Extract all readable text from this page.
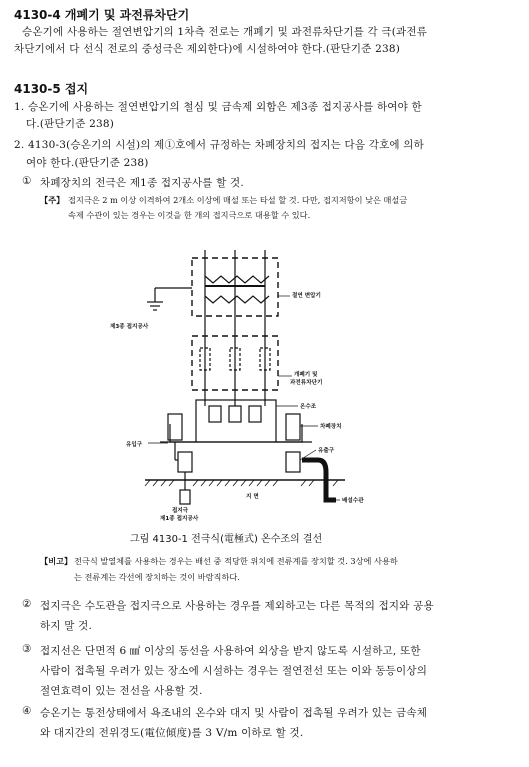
4130-4 개폐기 및 과전류차단기
승온기에 사용하는 절연변압기의 1차측 전로는 개폐기 및 과전류차단기를 각 극(과전류
차단기에서 다 선식 전로의 중성극은 제외한다)에 시설하여야 한다.(판단기준 238)
4130-5 접지
1. 승온기에 사용하는 절연변압기의 철심 및 금속제 외함은 제3종 접지공사를 하여야 한
다.(판단기준 238)
2. 4130-3(승온기의 시설)의 제①호에서 규정하는 차폐장치의 접지는 다음 각호에 의하
여야 한다.(판단기준 238)
① 차폐장치의 전극은 제1종 접지공사를 할 것.
【주】 접지극은 2 m 이상 이격하여 2개소 이상에 매설 또는 타설 할 것. 다만, 접지저항이 낮은 매설금
속제 수관이 있는 경우는 이것을 한 개의 접지극으로 대용할 수 있다.
절연 변압기
제3종 접지공사
개폐기 및
과전류차단기
온수조
차폐장치
유입구
유출구
지 면
배설수관
접지극
제1종 접지공사
그림 4130-1 전극식(電極式) 온수조의 결선
【비고】 전극식 발열체를 사용하는 경우는 배선 중 적당한 위치에 전류계를 장치할 것. 3상에 사용하
는 전류계는 각선에 장치하는 것이 바람직하다.
② 접지극은 수도관을 접지극으로 사용하는 경우를 제외하고는 다른 목적의 접지와 공용
하지 말 것.
③ 접지선은 단면적 6 ㎟ 이상의 동선을 사용하여 외상을 받지 않도록 시설하고, 또한
사람이 접촉될 우려가 있는 장소에 시설하는 경우는 절연전선 또는 이와 동등이상의
절연효력이 있는 전선을 사용할 것.
④ 승온기는 통전상태에서 욕조내의 온수와 대지 및 사람이 접촉될 우려가 있는 금속체
와 대지간의 전위경도(電位傾度)를 3 V/m 이하로 할 것.
